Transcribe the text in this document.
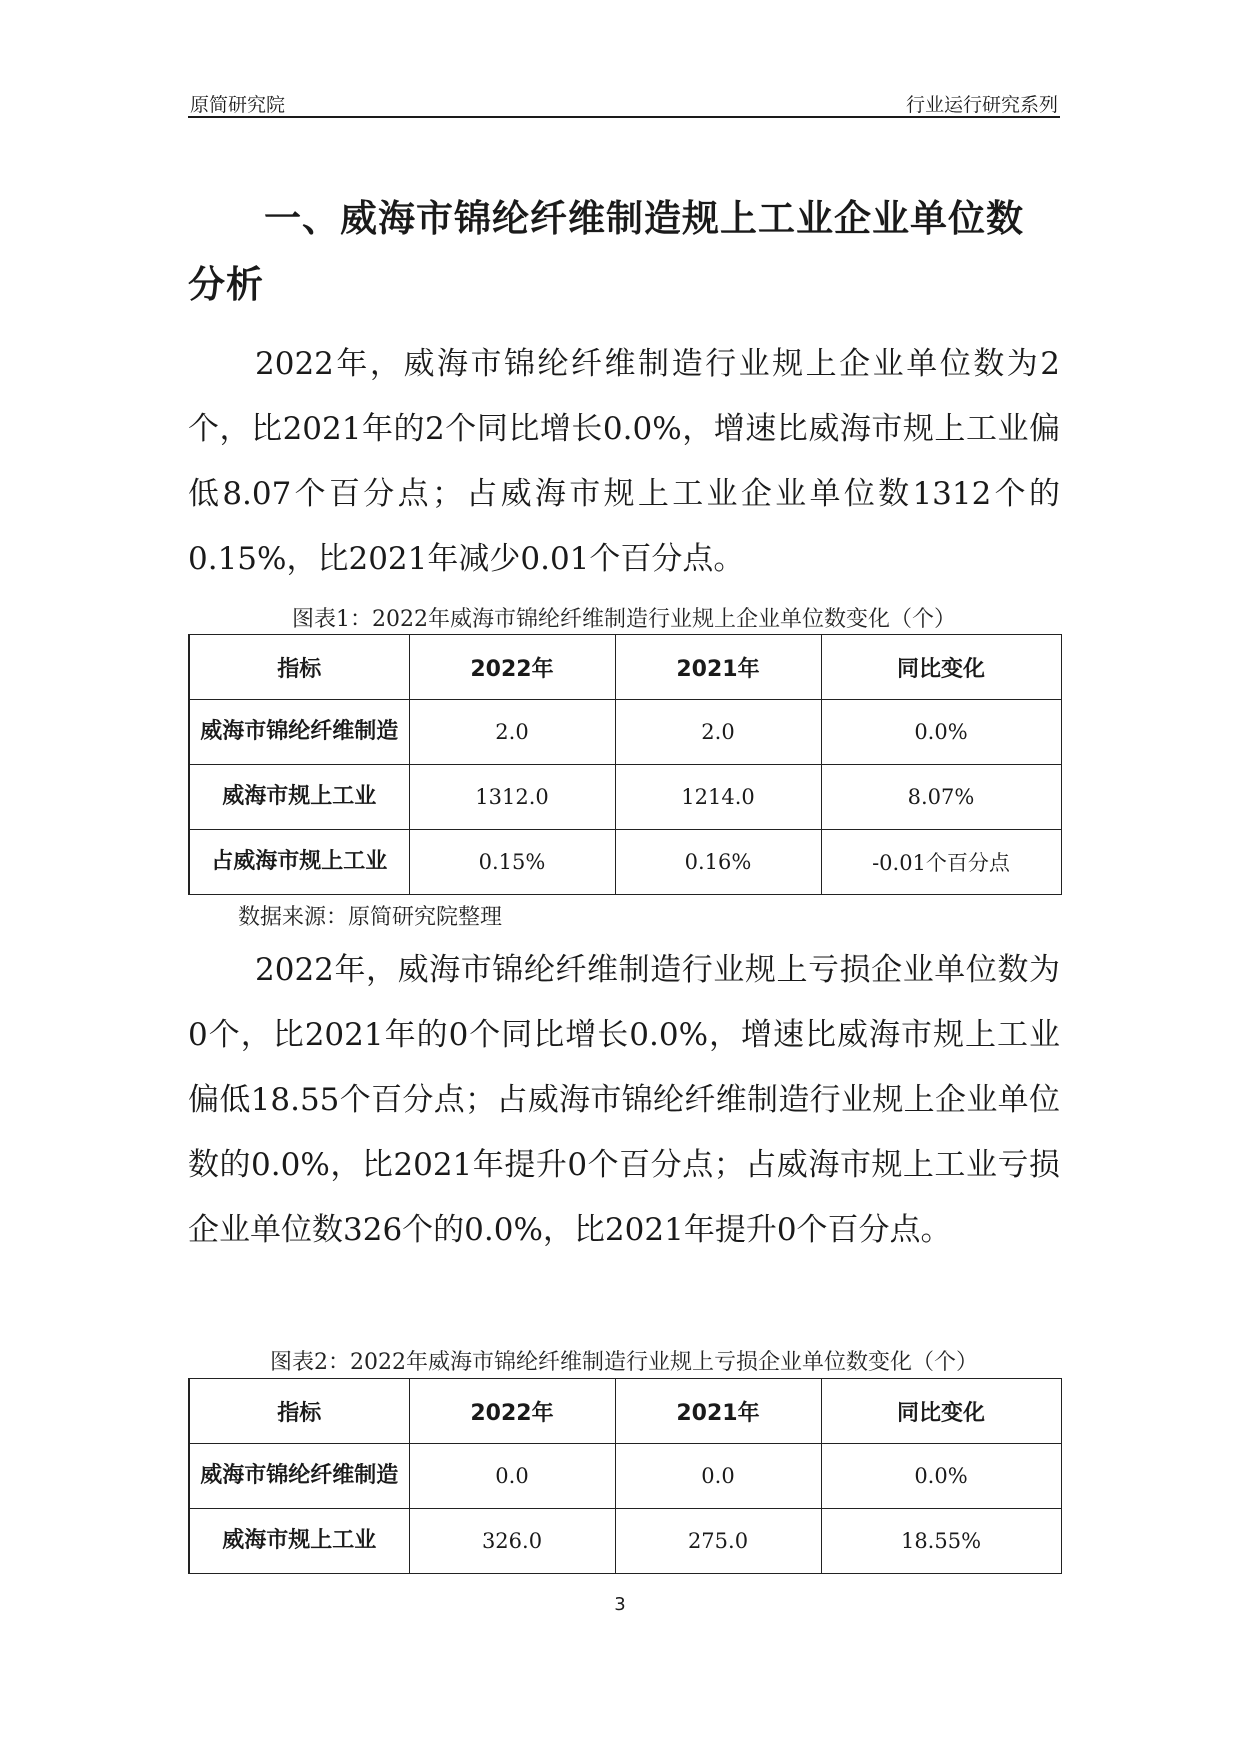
原简研究院	行业运行研究系列
一、威海市锦纶纤维制造规上工业企业单位数分析

2022年，威海市锦纶纤维制造行业规上企业单位数为2个，比2021年的2个同比增长0.0%，增速比威海市规上工业偏低8.07个百分点；占威海市规上工业企业单位数1312个的0.15%，比2021年减少0.01个百分点。

图表1：2022年威海市锦纶纤维制造行业规上企业单位数变化（个）
指标	2022年	2021年	同比变化
威海市锦纶纤维制造	2.0	2.0	0.0%
威海市规上工业	1312.0	1214.0	8.07%
占威海市规上工业	0.15%	0.16%	-0.01个百分点
数据来源：原简研究院整理

2022年，威海市锦纶纤维制造行业规上亏损企业单位数为0个，比2021年的0个同比增长0.0%，增速比威海市规上工业偏低18.55个百分点；占威海市锦纶纤维制造行业规上企业单位数的0.0%，比2021年提升0个百分点；占威海市规上工业亏损企业单位数326个的0.0%，比2021年提升0个百分点。

图表2：2022年威海市锦纶纤维制造行业规上亏损企业单位数变化（个）
指标	2022年	2021年	同比变化
威海市锦纶纤维制造	0.0	0.0	0.0%
威海市规上工业	326.0	275.0	18.55%
3
